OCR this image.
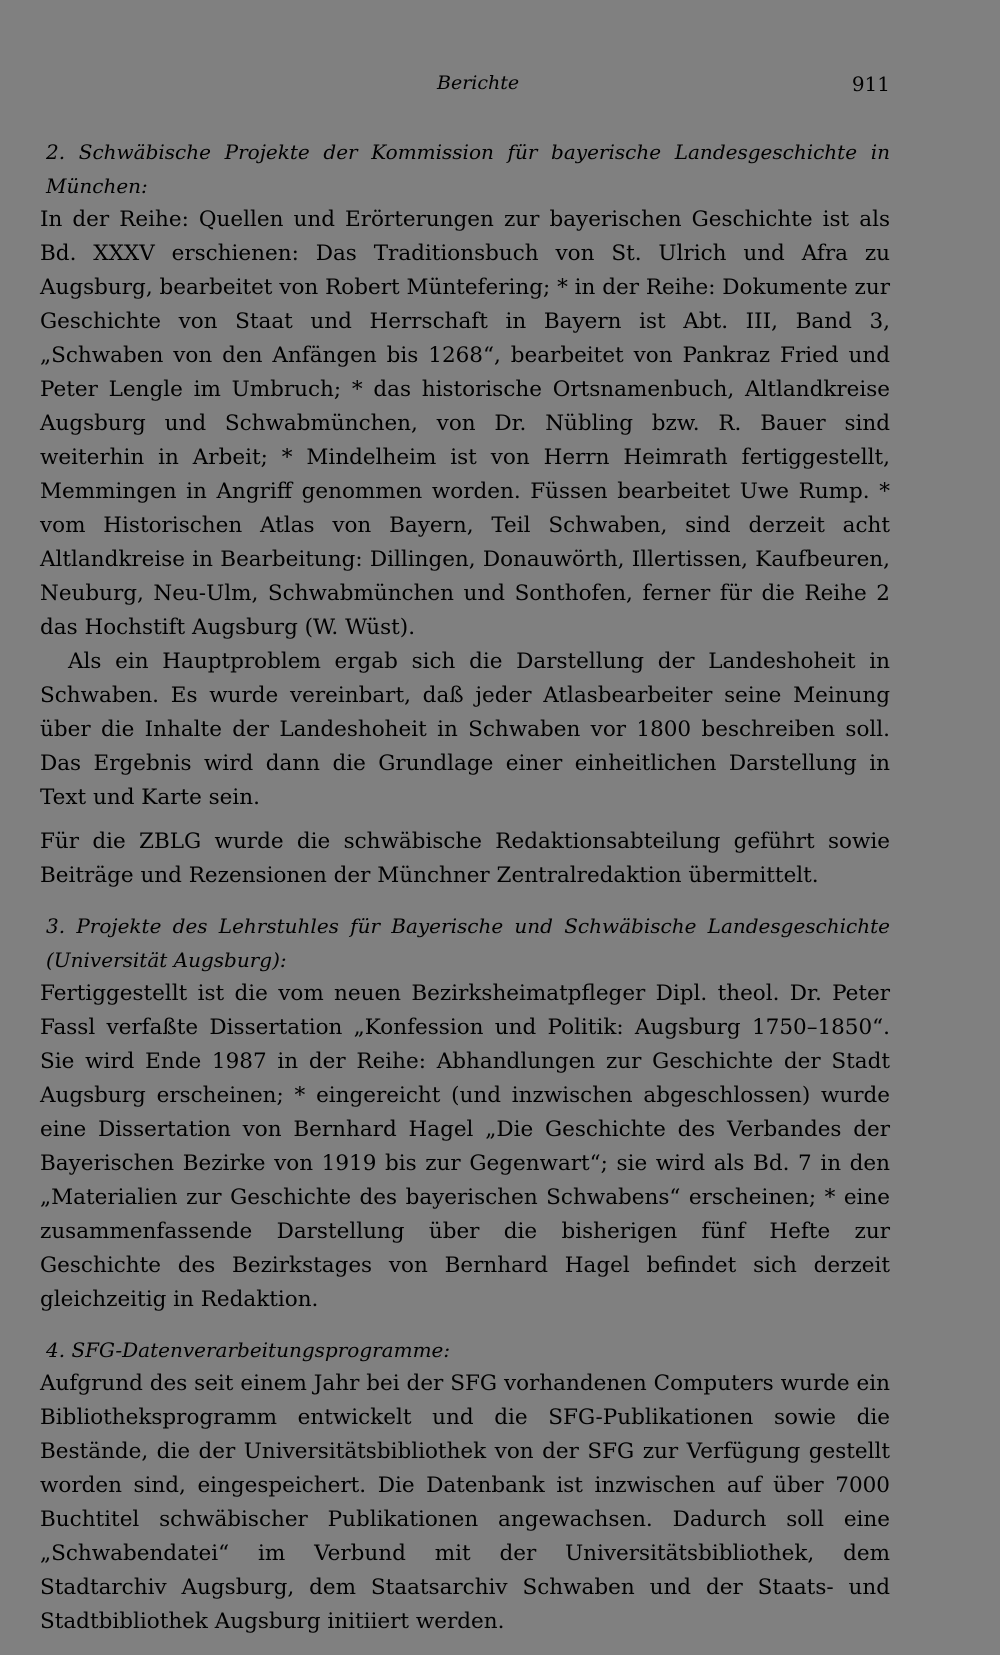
Berichte	911

2. Schwäbische Projekte der Kommission für bayerische Landesgeschichte in München:

In der Reihe: Quellen und Erörterungen zur bayerischen Geschichte ist als Bd. XXXV erschienen: Das Traditionsbuch von St. Ulrich und Afra zu Augsburg, bearbeitet von Robert Müntefering; * in der Reihe: Dokumente zur Geschichte von Staat und Herrschaft in Bayern ist Abt. III, Band 3, „Schwaben von den Anfängen bis 1268“, bearbeitet von Pankraz Fried und Peter Lengle im Umbruch; * das historische Ortsnamenbuch, Altlandkreise Augsburg und Schwabmünchen, von Dr. Nübling bzw. R. Bauer sind weiterhin in Arbeit; * Mindelheim ist von Herrn Heimrath fertiggestellt, Memmingen in Angriff genommen worden. Füssen bearbeitet Uwe Rump. * vom Historischen Atlas von Bayern, Teil Schwaben, sind derzeit acht Altlandkreise in Bearbeitung: Dillingen, Donauwörth, Illertissen, Kaufbeuren, Neuburg, Neu-Ulm, Schwabmünchen und Sonthofen, ferner für die Reihe 2 das Hochstift Augsburg (W. Wüst).

Als ein Hauptproblem ergab sich die Darstellung der Landeshoheit in Schwaben. Es wurde vereinbart, daß jeder Atlasbearbeiter seine Meinung über die Inhalte der Landeshoheit in Schwaben vor 1800 beschreiben soll. Das Ergebnis wird dann die Grundlage einer einheitlichen Darstellung in Text und Karte sein.

Für die ZBLG wurde die schwäbische Redaktionsabteilung geführt sowie Beiträge und Rezensionen der Münchner Zentralredaktion übermittelt.

3. Projekte des Lehrstuhles für Bayerische und Schwäbische Landesgeschichte (Universität Augsburg):

Fertiggestellt ist die vom neuen Bezirksheimatpfleger Dipl. theol. Dr. Peter Fassl verfaßte Dissertation „Konfession und Politik: Augsburg 1750–1850“. Sie wird Ende 1987 in der Reihe: Abhandlungen zur Geschichte der Stadt Augsburg erscheinen; * eingereicht (und inzwischen abgeschlossen) wurde eine Dissertation von Bernhard Hagel „Die Geschichte des Verbandes der Bayerischen Bezirke von 1919 bis zur Gegenwart“; sie wird als Bd. 7 in den „Materialien zur Geschichte des bayerischen Schwabens“ erscheinen; * eine zusammenfassende Darstellung über die bisherigen fünf Hefte zur Geschichte des Bezirkstages von Bernhard Hagel befindet sich derzeit gleichzeitig in Redaktion.

4. SFG-Datenverarbeitungsprogramme:

Aufgrund des seit einem Jahr bei der SFG vorhandenen Computers wurde ein Bibliotheksprogramm entwickelt und die SFG-Publikationen sowie die Bestände, die der Universitätsbibliothek von der SFG zur Verfügung gestellt worden sind, eingespeichert. Die Datenbank ist inzwischen auf über 7000 Buchtitel schwäbischer Publikationen angewachsen. Dadurch soll eine „Schwabendatei“ im Verbund mit der Universitätsbibliothek, dem Stadtarchiv Augsburg, dem Staatsarchiv Schwaben und der Staats- und Stadtbibliothek Augsburg initiiert werden.
